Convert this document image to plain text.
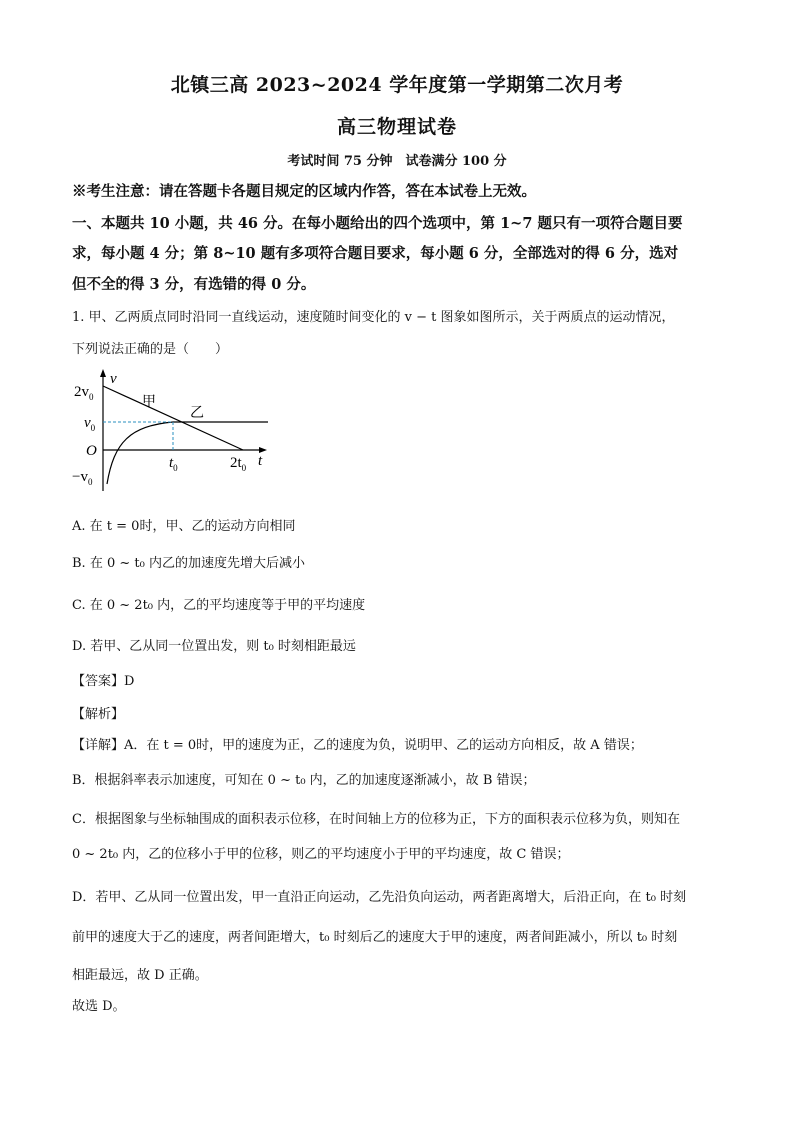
北镇三高 2023~2024 学年度第一学期第二次月考
高三物理试卷
考试时间 75 分钟　试卷满分 100 分
※考生注意：请在答题卡各题目规定的区域内作答，答在本试卷上无效。
一、本题共 10 小题，共 46 分。在每小题给出的四个选项中，第 1~7 题只有一项符合题目要
求，每小题 4 分；第 8~10 题有多项符合题目要求，每小题 6 分，全部选对的得 6 分，选对
但不全的得 3 分，有选错的得 0 分。
1. 甲、乙两质点同时沿同一直线运动，速度随时间变化的 v − t 图象如图所示，关于两质点的运动情况，
下列说法正确的是（　　）
v
t
O
$2v_0$
$v_0$
$-v_0$
$t_0$	$2t_0$
甲
乙
A. 在 t = 0时，甲、乙的运动方向相同
B. 在 0 ~ t₀ 内乙的加速度先增大后减小
C. 在 0 ~ 2t₀ 内，乙的平均速度等于甲的平均速度
D. 若甲、乙从同一位置出发，则 t₀ 时刻相距最远
【答案】D
【解析】
【详解】A．在 t = 0时，甲的速度为正，乙的速度为负，说明甲、乙的运动方向相反，故 A 错误；
B．根据斜率表示加速度，可知在 0 ~ t₀ 内，乙的加速度逐渐减小，故 B 错误；
C．根据图象与坐标轴围成的面积表示位移，在时间轴上方的位移为正，下方的面积表示位移为负，则知在
0 ~ 2t₀ 内，乙的位移小于甲的位移，则乙的平均速度小于甲的平均速度，故 C 错误；
D．若甲、乙从同一位置出发，甲一直沿正向运动，乙先沿负向运动，两者距离增大，后沿正向，在 t₀ 时刻
前甲的速度大于乙的速度，两者间距增大，t₀ 时刻后乙的速度大于甲的速度，两者间距减小，所以 t₀ 时刻
相距最远，故 D 正确。
故选 D。
